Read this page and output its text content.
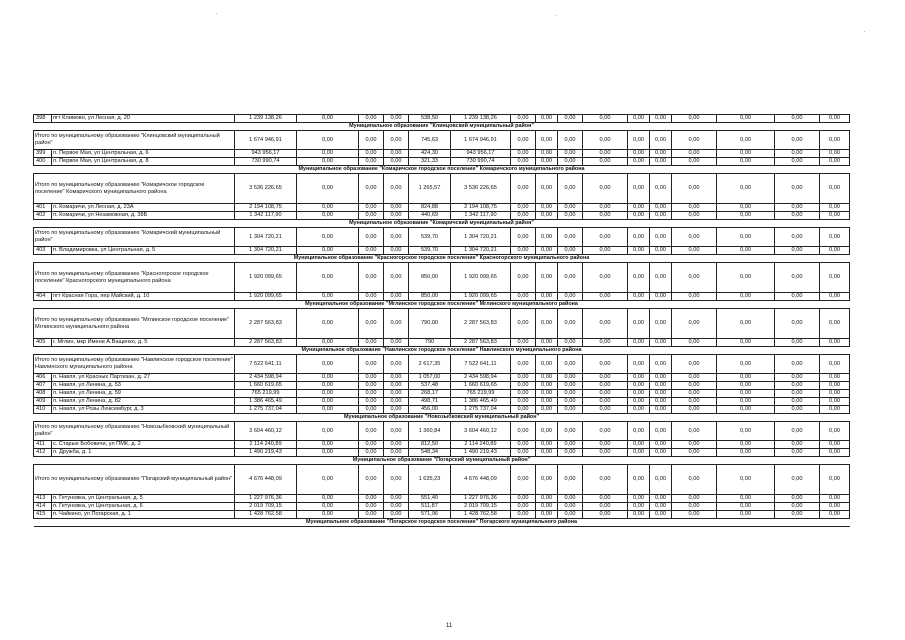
398	пгт Климово, ул Лесная, д. 20	1 239 138,26	0,00	0,00	0,00	538,50	1 239 138,26	0,00	0,00	0,00	0,00	0,00	0,00	0,00	0,00	0,00	0,00
Муниципальное образование "Клинцовский муниципальный район"																	
Итого по муниципальному образованию "Клинцовский муниципальный район"		1 674 946,91	0,00	0,00	0,00	745,63	1 674 946,91	0,00	0,00	0,00	0,00	0,00	0,00	0,00	0,00	0,00	0,00
399	п. Первое Мая, ул Центральная, д. 6	943 956,17	0,00	0,00	0,00	424,30	943 956,17	0,00	0,00	0,00	0,00	0,00	0,00	0,00	0,00	0,00	0,00
400	п. Первое Мая, ул Центральная, д. 8	730 990,74	0,00	0,00	0,00	321,33	730 990,74	0,00	0,00	0,00	0,00	0,00	0,00	0,00	0,00	0,00	0,00
Муниципальное образование "Комаричское городское поселение" Комаричского муниципального района																	
Итого по муниципальному образованию "Комаричское городское поселение" Комаричского муниципального района		3 536 226,65	0,00	0,00	0,00	1 265,57	3 536 226,65	0,00	0,00	0,00	0,00	0,00	0,00	0,00	0,00	0,00	0,00
401	п. Комаричи, ул Лесная, д. 23А	2 194 108,75	0,00	0,00	0,00	824,88	2 194 108,75	0,00	0,00	0,00	0,00	0,00	0,00	0,00	0,00	0,00	0,00
402	п. Комаричи, ул Незаможная, д. 38Б	1 342 117,90	0,00	0,00	0,00	440,69	1 342 117,90	0,00	0,00	0,00	0,00	0,00	0,00	0,00	0,00	0,00	0,00
Муниципальное образование "Комаричский муниципальный район"																	
Итого по муниципальному образованию "Комаричский муниципальный район"		1 304 720,21	0,00	0,00	0,00	539,70	1 304 720,21	0,00	0,00	0,00	0,00	0,00	0,00	0,00	0,00	0,00	0,00
403	п. Владимировка, ул Центральная, д. 5	1 304 720,21	0,00	0,00	0,00	539,70	1 304 720,21	0,00	0,00	0,00	0,00	0,00	0,00	0,00	0,00	0,00	0,00
Муниципальное образование "Красногорское городское поселение" Красногорского муниципального района																	
Итого по муниципальному образованию "Красногорское городское поселение" Красногорского муниципального района		1 920 099,65	0,00	0,00	0,00	850,00	1 920 099,65	0,00	0,00	0,00	0,00	0,00	0,00	0,00	0,00	0,00	0,00
404	пгт Красная Гора, пер Майский, д. 10	1 920 099,65	0,00	0,00	0,00	850,00	1 920 099,65	0,00	0,00	0,00	0,00	0,00	0,00	0,00	0,00	0,00	0,00
Муниципальное образование "Мглинское городское поселение" Мглинского муниципального района																	
Итого по муниципальному образованию "Мглинское городское поселение" Мглинского муниципального района		2 287 563,83	0,00	0,00	0,00	790,00	2 287 563,83	0,00	0,00	0,00	0,00	0,00	0,00	0,00	0,00	0,00	0,00
405	г. Мглин, мкр Имени А.Ващенко, д. 5	2 287 563,83	0,00	0,00	0,00	790	2 287 563,83	0,00	0,00	0,00	0,00	0,00	0,00	0,00	0,00	0,00	0,00
Муниципальное образование "Навлинское городское поселение" Навлинского муниципального района																	
Итого по муниципальному образованию "Навлинское городское поселение" Навлинского муниципального района		7 522 641,11	0,00	0,00	0,00	2 617,35	7 522 641,11	0,00	0,00	0,00	0,00	0,00	0,00	0,00	0,00	0,00	0,00
406	п. Навля, ул Красных Партизан, д. 27	2 434 598,94	0,00	0,00	0,00	1 057,00	2 434 598,94	0,00	0,00	0,00	0,00	0,00	0,00	0,00	0,00	0,00	0,00
407	п. Навля, ул Ленина, д. 53	1 660 619,65	0,00	0,00	0,00	537,48	1 660 619,65	0,00	0,00	0,00	0,00	0,00	0,00	0,00	0,00	0,00	0,00
408	п. Навля, ул Ленина, д. 59	765 219,99	0,00	0,00	0,00	268,17	765 219,99	0,00	0,00	0,00	0,00	0,00	0,00	0,00	0,00	0,00	0,00
409	п. Навля, ул Ленина, д. 82	1 386 465,49	0,00	0,00	0,00	498,71	1 386 465,49	0,00	0,00	0,00	0,00	0,00	0,00	0,00	0,00	0,00	0,00
410	п. Навля, ул Розы Люксембург, д. 3	1 275 737,04	0,00	0,00	0,00	456,00	1 275 737,04	0,00	0,00	0,00	0,00	0,00	0,00	0,00	0,00	0,00	0,00
Муниципальное образование "Новозыбковский муниципальный район"																	
Итого по муниципальному образованию "Новозыбковский муниципальный район"		3 604 460,12	0,00	0,00	0,00	1 360,84	3 604 460,12	0,00	0,00	0,00	0,00	0,00	0,00	0,00	0,00	0,00	0,00
411	с. Старые Бобовичи, ул ПМК, д. 2	2 114 240,89	0,00	0,00	0,00	812,50	2 114 240,89	0,00	0,00	0,00	0,00	0,00	0,00	0,00	0,00	0,00	0,00
412	п. Дружба, д. 1	1 490 219,43	0,00	0,00	0,00	548,34	1 490 219,43	0,00	0,00	0,00	0,00	0,00	0,00	0,00	0,00	0,00	0,00
Муниципальное образование "Погарский муниципальный район"																	
Итого по муниципальному образованию "Погарский муниципальный район"		4 676 448,09	0,00	0,00	0,00	1 635,23	4 676 448,09	0,00	0,00	0,00	0,00	0,00	0,00	0,00	0,00	0,00	0,00
413	п. Гетуновка, ул Центральная, д. 5	1 227 976,36	0,00	0,00	0,00	551,40	1 227 976,36	0,00	0,00	0,00	0,00	0,00	0,00	0,00	0,00	0,00	0,00
414	п. Гетуновка, ул Центральная, д. 6	2 019 709,15	0,00	0,00	0,00	511,87	2 019 709,15	0,00	0,00	0,00	0,00	0,00	0,00	0,00	0,00	0,00	0,00
415	п. Чайкино, ул Погарская, д. 1	1 428 762,58	0,00	0,00	0,00	571,96	1 428 762,58	0,00	0,00	0,00	0,00	0,00	0,00	0,00	0,00	0,00	0,00
Муниципальное образование "Погарское городское поселение" Погарского муниципального района																	
11
